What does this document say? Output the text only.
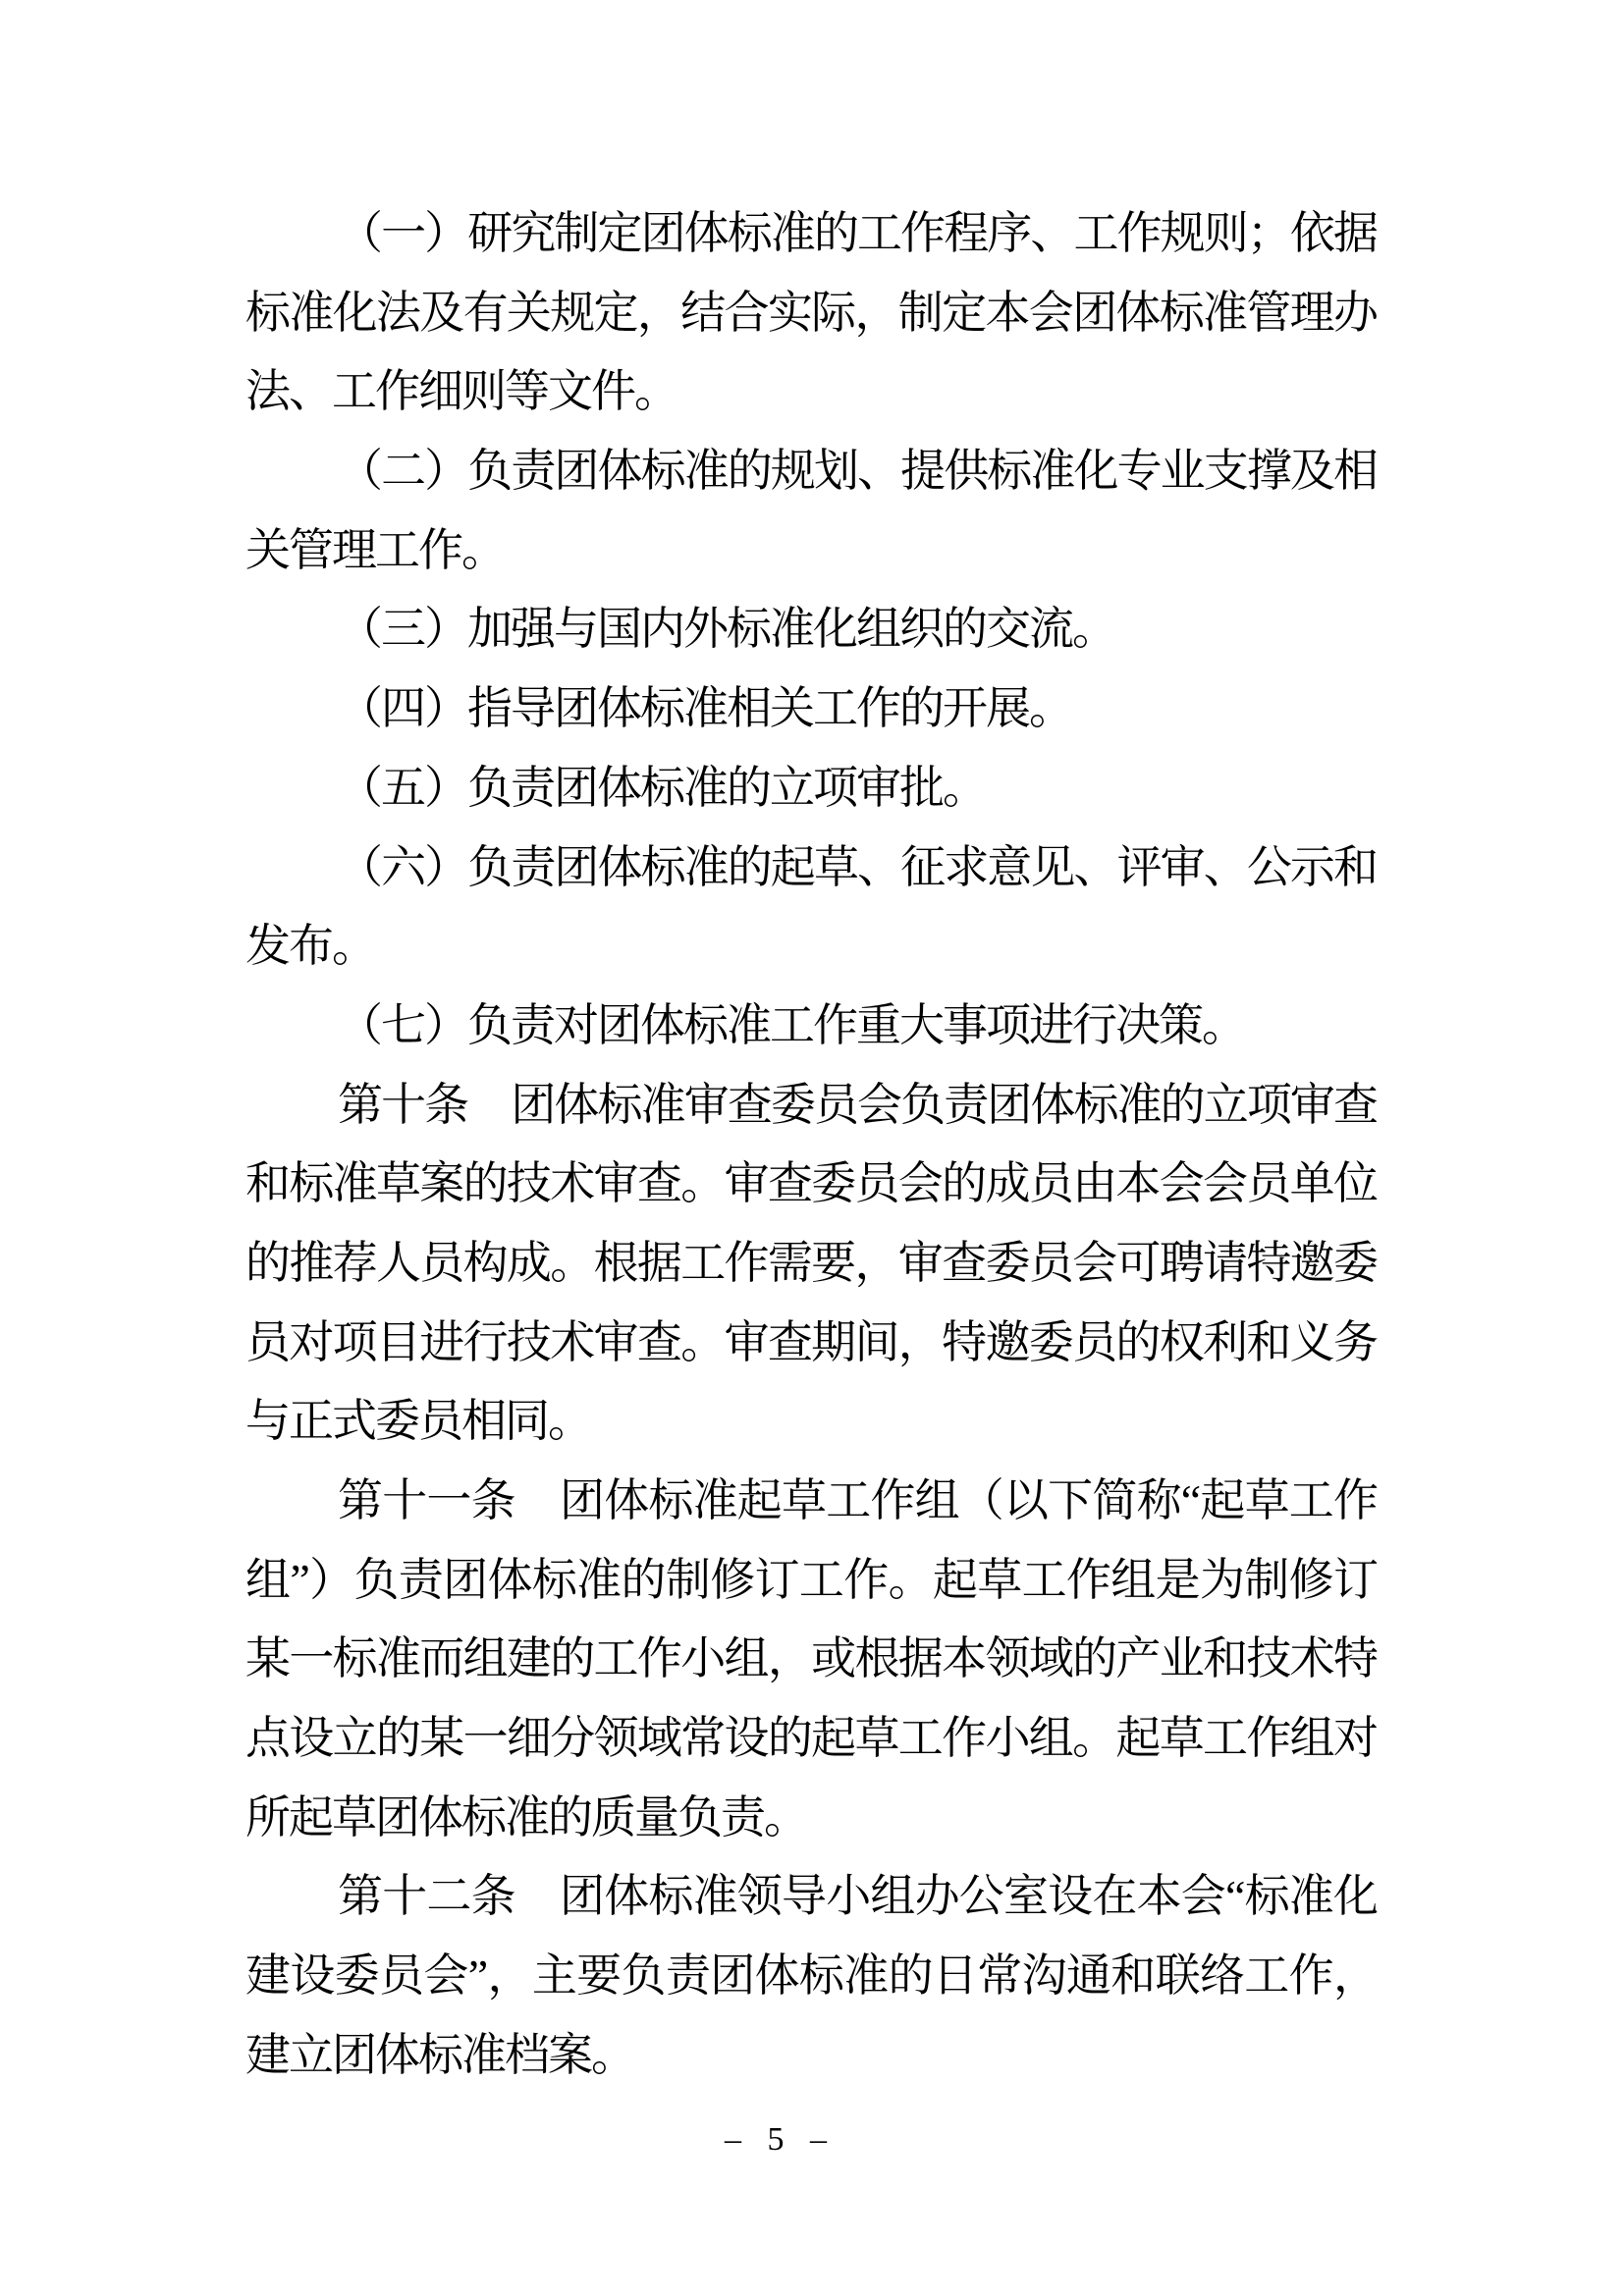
（一）研究制定团体标准的工作程序、工作规则；依据
标准化法及有关规定，结合实际，制定本会团体标准管理办
法、工作细则等文件。
（二）负责团体标准的规划、提供标准化专业支撑及相
关管理工作。
（三）加强与国内外标准化组织的交流。
（四）指导团体标准相关工作的开展。
（五）负责团体标准的立项审批。
（六）负责团体标准的起草、征求意见、评审、公示和
发布。
（七）负责对团体标准工作重大事项进行决策。
第十条　团体标准审查委员会负责团体标准的立项审查
和标准草案的技术审查。审查委员会的成员由本会会员单位
的推荐人员构成。根据工作需要，审查委员会可聘请特邀委
员对项目进行技术审查。审查期间，特邀委员的权利和义务
与正式委员相同。
第十一条　团体标准起草工作组（以下简称“起草工作
组”）负责团体标准的制修订工作。起草工作组是为制修订
某一标准而组建的工作小组，或根据本领域的产业和技术特
点设立的某一细分领域常设的起草工作小组。起草工作组对
所起草团体标准的质量负责。
第十二条　团体标准领导小组办公室设在本会“标准化
建设委员会”，主要负责团体标准的日常沟通和联络工作，
建立团体标准档案。
– 5 –
